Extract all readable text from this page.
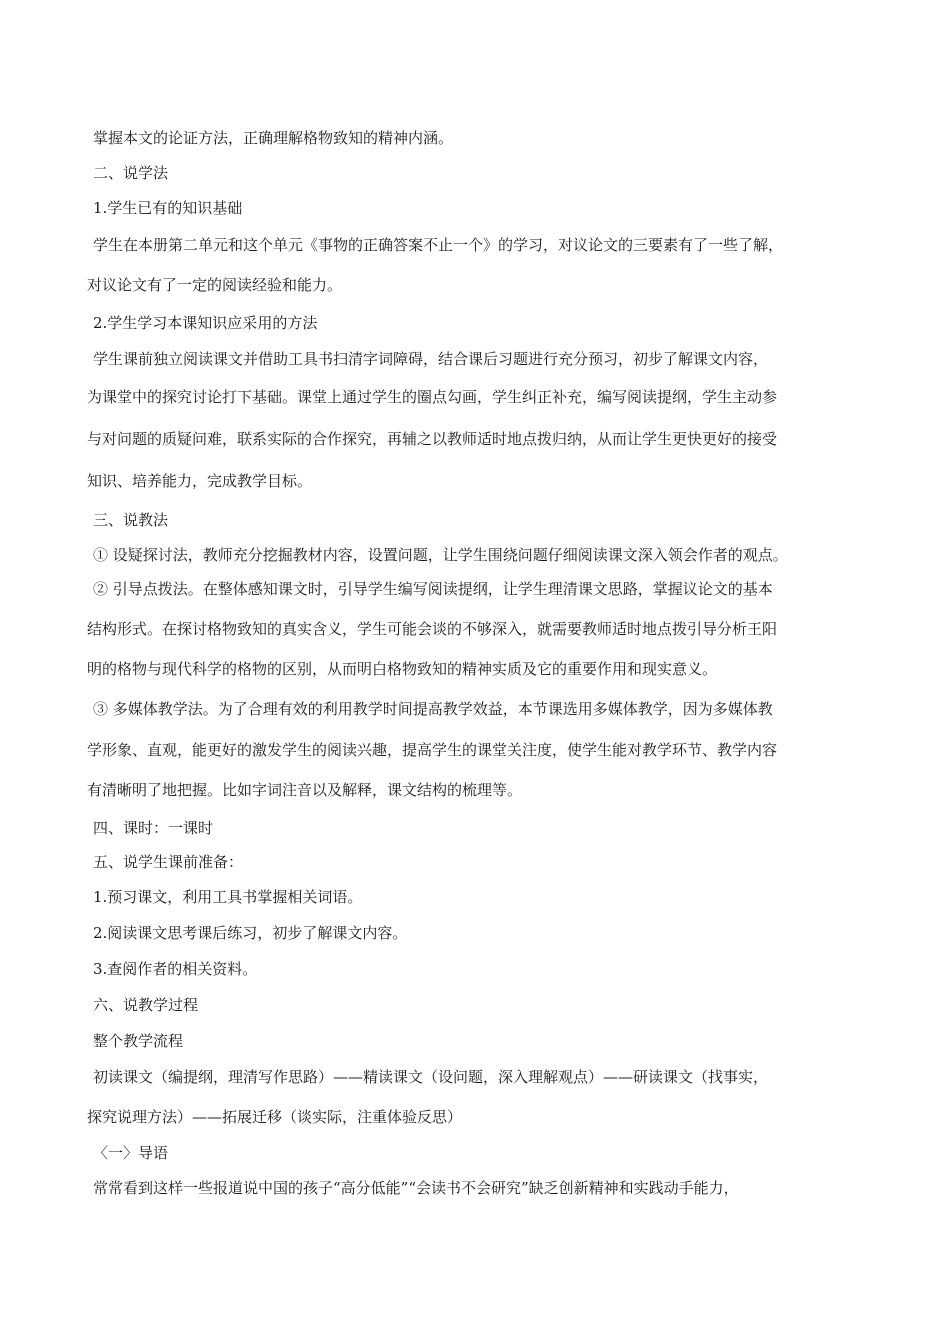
掌握本文的论证方法，正确理解格物致知的精神内涵。
二、说学法
1.学生已有的知识基础
学生在本册第二单元和这个单元《事物的正确答案不止一个》的学习，对议论文的三要素有了一些了解，
对议论文有了一定的阅读经验和能力。
2.学生学习本课知识应采用的方法
学生课前独立阅读课文并借助工具书扫清字词障碍，结合课后习题进行充分预习，初步了解课文内容，
为课堂中的探究讨论打下基础。课堂上通过学生的圈点勾画，学生纠正补充，编写阅读提纲，学生主动参
与对问题的质疑问难，联系实际的合作探究，再辅之以教师适时地点拨归纳，从而让学生更快更好的接受
知识、培养能力，完成教学目标。
三、说教法
① 设疑探讨法，教师充分挖掘教材内容，设置问题，让学生围绕问题仔细阅读课文深入领会作者的观点。
② 引导点拨法。在整体感知课文时，引导学生编写阅读提纲，让学生理清课文思路，掌握议论文的基本
结构形式。在探讨格物致知的真实含义，学生可能会谈的不够深入，就需要教师适时地点拨引导分析王阳
明的格物与现代科学的格物的区别，从而明白格物致知的精神实质及它的重要作用和现实意义。
③ 多媒体教学法。为了合理有效的利用教学时间提高教学效益，本节课选用多媒体教学，因为多媒体教
学形象、直观，能更好的激发学生的阅读兴趣，提高学生的课堂关注度，使学生能对教学环节、教学内容
有清晰明了地把握。比如字词注音以及解释，课文结构的梳理等。
四、课时：一课时
五、说学生课前准备：
1.预习课文，利用工具书掌握相关词语。
2.阅读课文思考课后练习，初步了解课文内容。
3.查阅作者的相关资料。
六、说教学过程
整个教学流程
初读课文（编提纲，理清写作思路）——精读课文（设问题，深入理解观点）——研读课文（找事实，
探究说理方法）——拓展迁移（谈实际，注重体验反思）
〈一〉导语
常常看到这样一些报道说中国的孩子“高分低能”“会读书不会研究”缺乏创新精神和实践动手能力，
